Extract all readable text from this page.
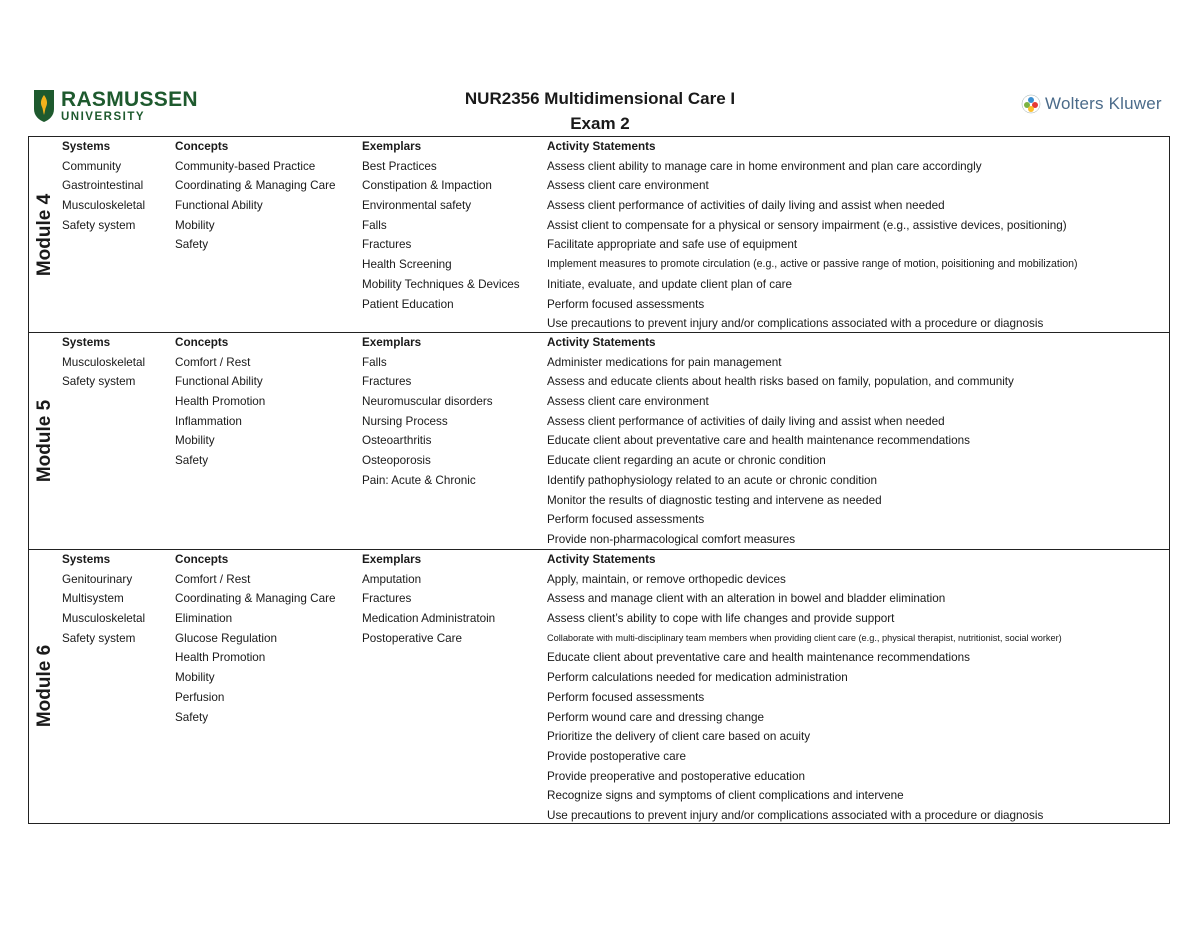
RASMUSSEN
UNIVERSITY
NUR2356 Multidimensional Care I
Exam 2
Wolters Kluwer
Module 4
Systems
Community
Gastrointestinal
Musculoskeletal
Safety system
Concepts
Community-based Practice
Coordinating & Managing Care
Functional Ability
Mobility
Safety
Exemplars
Best Practices
Constipation & Impaction
Environmental safety
Falls
Fractures
Health Screening
Mobility Techniques & Devices
Patient Education
Activity Statements
Assess client ability to manage care in home environment and plan care accordingly
Assess client care environment
Assess client performance of activities of daily living and assist when needed
Assist client to compensate for a physical or sensory impairment (e.g., assistive devices, positioning)
Facilitate appropriate and safe use of equipment
Implement measures to promote circulation (e.g., active or passive range of motion, poisitioning and mobilization)
Initiate, evaluate, and update client plan of care
Perform focused assessments
Use precautions to prevent injury and/or complications associated with a procedure or diagnosis
Module 5
Systems
Musculoskeletal
Safety system
Concepts
Comfort / Rest
Functional Ability
Health Promotion
Inflammation
Mobility
Safety
Exemplars
Falls
Fractures
Neuromuscular disorders
Nursing Process
Osteoarthritis
Osteoporosis
Pain: Acute & Chronic
Activity Statements
Administer medications for pain management
Assess and educate clients about health risks based on family, population, and community
Assess client care environment
Assess client performance of activities of daily living and assist when needed
Educate client about preventative care and health maintenance recommendations
Educate client regarding an acute or chronic condition
Identify pathophysiology related to an acute or chronic condition
Monitor the results of diagnostic testing and intervene as needed
Perform focused assessments
Provide non-pharmacological comfort measures
Module 6
Systems
Genitourinary
Multisystem
Musculoskeletal
Safety system
Concepts
Comfort / Rest
Coordinating & Managing Care
Elimination
Glucose Regulation
Health Promotion
Mobility
Perfusion
Safety
Exemplars
Amputation
Fractures
Medication Administratoin
Postoperative Care
Activity Statements
Apply, maintain, or remove orthopedic devices
Assess and manage client with an alteration in bowel and bladder elimination
Assess client’s ability to cope with life changes and provide support
Collaborate with multi-disciplinary team members when providing client care (e.g., physical therapist, nutritionist, social worker)
Educate client about preventative care and health maintenance recommendations
Perform calculations needed for medication administration
Perform focused assessments
Perform wound care and dressing change
Prioritize the delivery of client care based on acuity
Provide postoperative care
Provide preoperative and postoperative education
Recognize signs and symptoms of client complications and intervene
Use precautions to prevent injury and/or complications associated with a procedure or diagnosis
